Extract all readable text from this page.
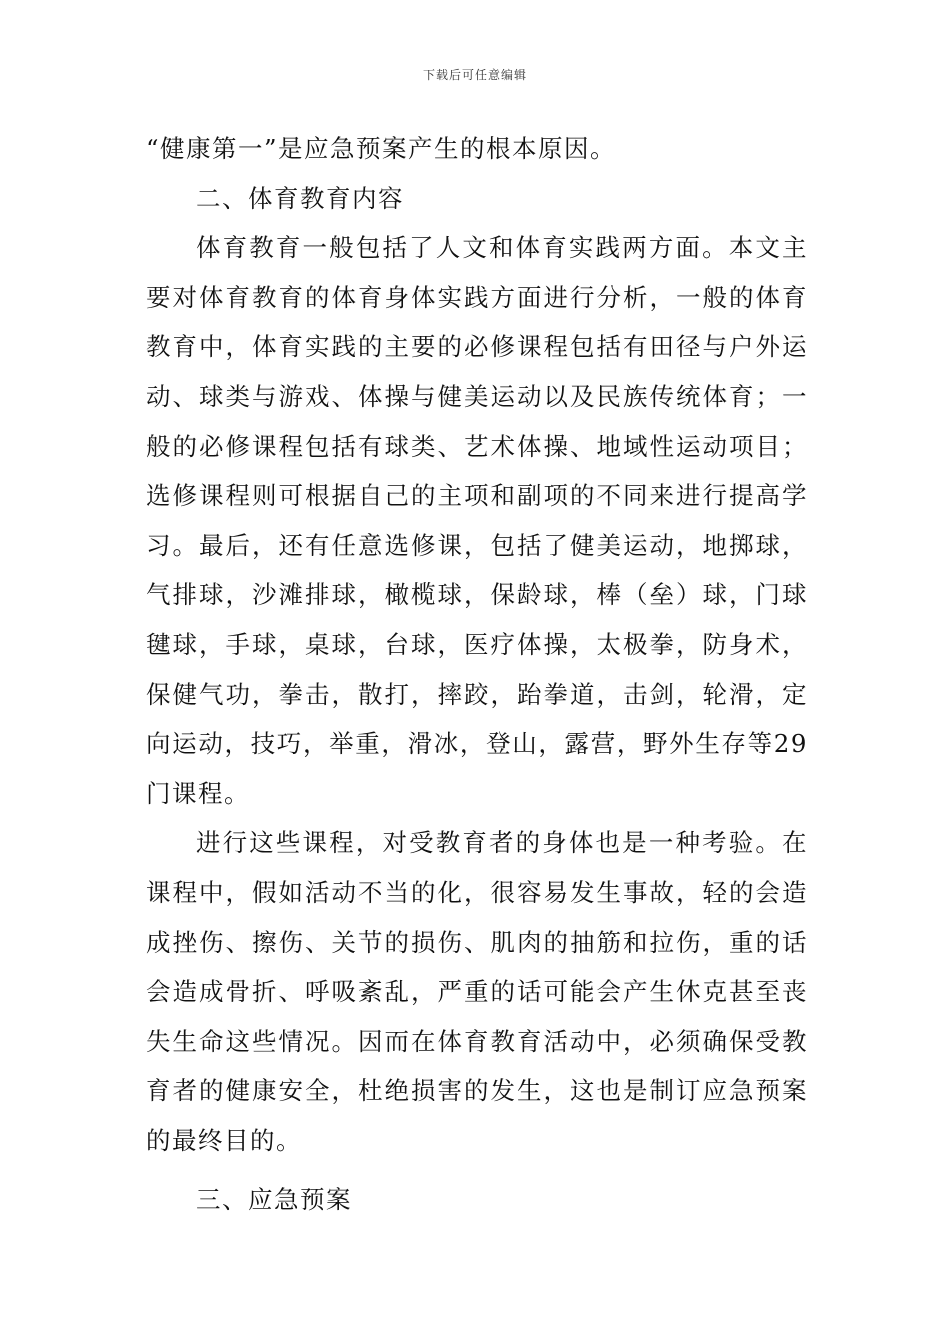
下载后可任意编辑

“健康第一”是应急预案产生的根本原因。

二、体育教育内容

体育教育一般包括了人文和体育实践两方面。本文主要对体育教育的体育身体实践方面进行分析，一般的体育教育中，体育实践的主要的必修课程包括有田径与户外运动、球类与游戏、体操与健美运动以及民族传统体育；一般的必修课程包括有球类、艺术体操、地域性运动项目；选修课程则可根据自己的主项和副项的不同来进行提高学习。最后，还有任意选修课，包括了健美运动，地掷球，气排球，沙滩排球，橄榄球，保龄球，棒（垒）球，门球毽球，手球，桌球，台球，医疗体操，太极拳，防身术，保健气功，拳击，散打，摔跤，跆拳道，击剑，轮滑，定向运动，技巧，举重，滑冰，登山，露营，野外生存等29门课程。

进行这些课程，对受教育者的身体也是一种考验。在课程中，假如活动不当的化，很容易发生事故，轻的会造成挫伤、擦伤、关节的损伤、肌肉的抽筋和拉伤，重的话会造成骨折、呼吸紊乱，严重的话可能会产生休克甚至丧失生命这些情况。因而在体育教育活动中，必须确保受教育者的健康安全，杜绝损害的发生，这也是制订应急预案的最终目的。

三、应急预案
